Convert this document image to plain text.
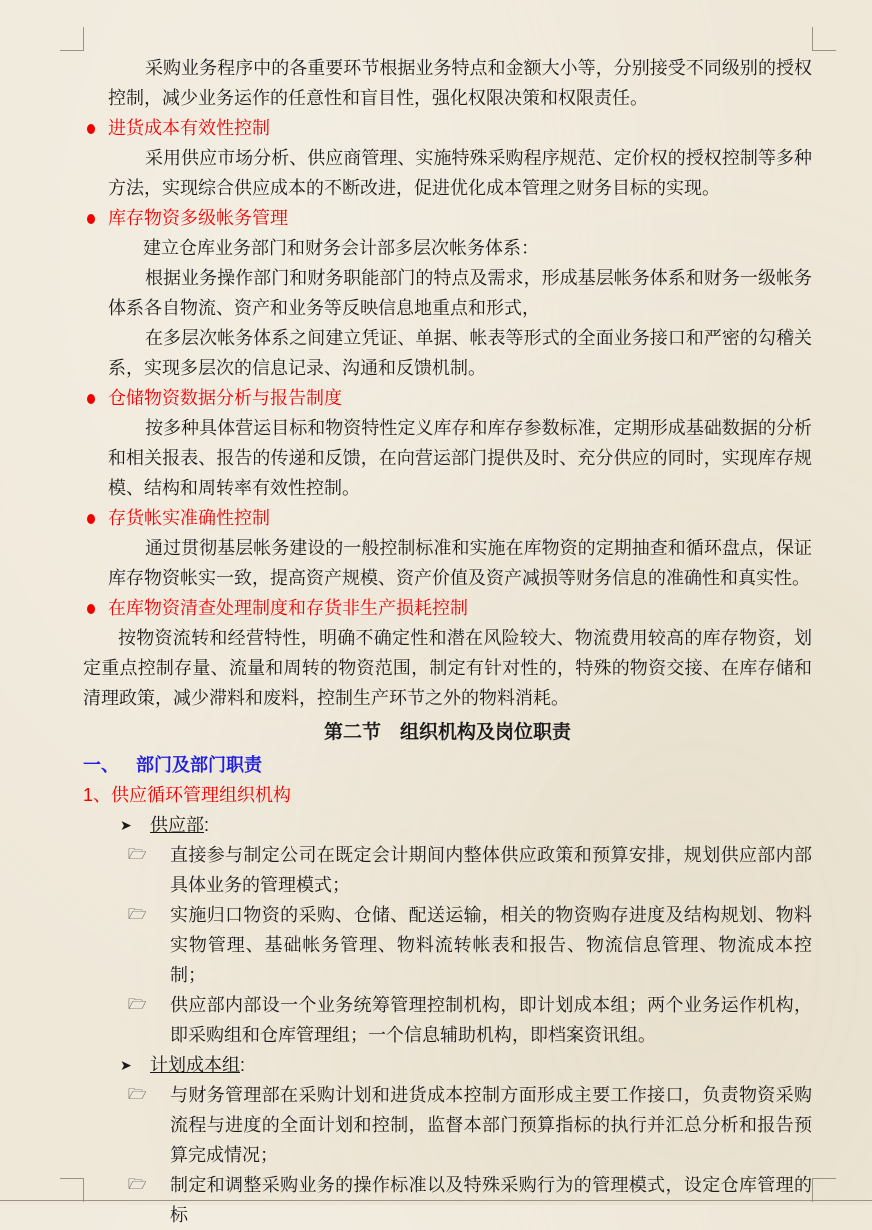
采购业务程序中的各重要环节根据业务特点和金额大小等，分别接受不同级别的授权控制，减少业务运作的任意性和盲目性，强化权限决策和权限责任。

进货成本有效性控制

采用供应市场分析、供应商管理、实施特殊采购程序规范、定价权的授权控制等多种方法，实现综合供应成本的不断改进，促进优化成本管理之财务目标的实现。

库存物资多级帐务管理

建立仓库业务部门和财务会计部多层次帐务体系：

根据业务操作部门和财务职能部门的特点及需求，形成基层帐务体系和财务一级帐务体系各自物流、资产和业务等反映信息地重点和形式，

在多层次帐务体系之间建立凭证、单据、帐表等形式的全面业务接口和严密的勾稽关系，实现多层次的信息记录、沟通和反馈机制。

仓储物资数据分析与报告制度

按多种具体营运目标和物资特性定义库存和库存参数标准，定期形成基础数据的分析和相关报表、报告的传递和反馈，在向营运部门提供及时、充分供应的同时，实现库存规模、结构和周转率有效性控制。

存货帐实准确性控制

通过贯彻基层帐务建设的一般控制标准和实施在库物资的定期抽查和循环盘点，保证库存物资帐实一致，提高资产规模、资产价值及资产减损等财务信息的准确性和真实性。

在库物资清查处理制度和存货非生产损耗控制

按物资流转和经营特性，明确不确定性和潜在风险较大、物流费用较高的库存物资，划定重点控制存量、流量和周转的物资范围，制定有针对性的，特殊的物资交接、在库存储和清理政策，减少滞料和废料，控制生产环节之外的物料消耗。

第二节　组织机构及岗位职责
一、 部门及部门职责
1、供应循环管理组织机构
➤	供应部 :
🗁	直接参与制定公司在既定会计期间内整体供应政策和预算安排，规划供应部内部具体业务的管理模式；
🗁	实施归口物资的采购、仓储、配送运输，相关的物资购存进度及结构规划、物料实物管理、基础帐务管理、物料流转帐表和报告、物流信息管理、物流成本控制；
🗁	供应部内部设一个业务统筹管理控制机构，即计划成本组；两个业务运作机构，即采购组和仓库管理组；一个信息辅助机构，即档案资讯组。
➤	计划成本组 :
🗁	与财务管理部在采购计划和进货成本控制方面形成主要工作接口，负责物资采购流程与进度的全面计划和控制，监督本部门预算指标的执行并汇总分析和报告预算完成情况；
🗁	制定和调整采购业务的操作标准以及特殊采购行为的管理模式，设定仓库管理的标
